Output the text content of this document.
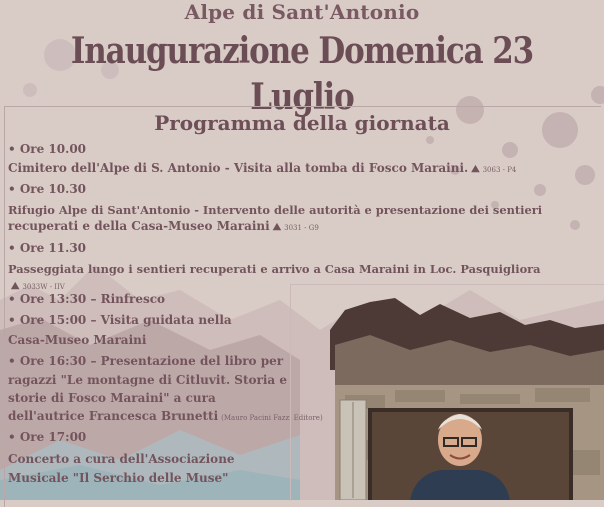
Alpe di Sant'Antonio
Inaugurazione Domenica 23 Luglio
Programma della giornata
• Ore 10.00
Cimitero dell'Alpe di S. Antonio - Visita alla tomba di Fosco Maraini. ⛰ 3063 - P4
• Ore 10.30
Rifugio Alpe di Sant'Antonio - Intervento delle autorità e presentazione dei sentieri
recuperati e della Casa-Museo Maraini ⛰ 3031 - G9
• Ore 11.30
Passeggiata lungo i sentieri recuperati e arrivo a Casa Maraini in Loc. Pasquigliora
⛰ 3033W - IIV
• Ore 13:30 – Rinfresco
• Ore 15:00 – Visita guidata nella
Casa-Museo Maraini
• Ore 16:30 – Presentazione del libro per
ragazzi "Le montagne di Citluvit. Storia e
storie di Fosco Maraini" a cura
dell'autrice Francesca Brunetti (Mauro Pacini Fazzi Editore)
• Ore 17:00
Concerto a cura dell'Associazione
Musicale "Il Serchio delle Muse"
